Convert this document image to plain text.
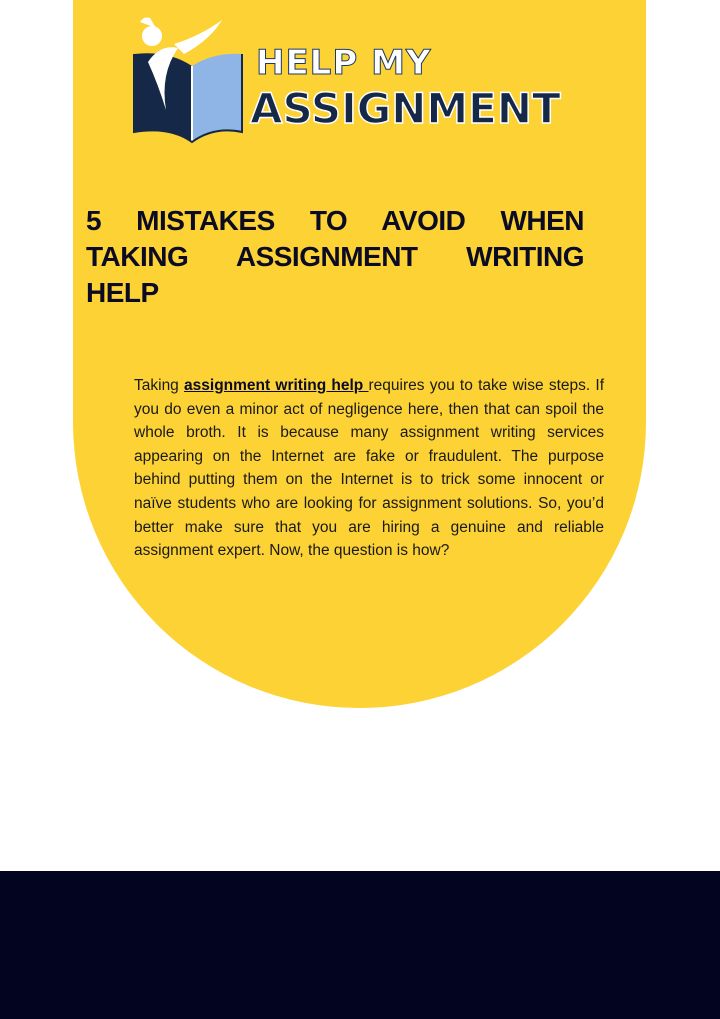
HELP MY
ASSIGNMENT
5 MISTAKES TO AVOID WHEN TAKING ASSIGNMENT WRITING HELP

Taking assignment writing help requires you to take wise steps. If you do even a minor act of negligence here, then that can spoil the whole broth. It is because many assignment writing services appearing on the Internet are fake or fraudulent. The purpose behind putting them on the Internet is to trick some innocent or naïve students who are looking for assignment solutions. So, you’d better make sure that you are hiring a genuine and reliable assignment expert. Now, the question is how?
